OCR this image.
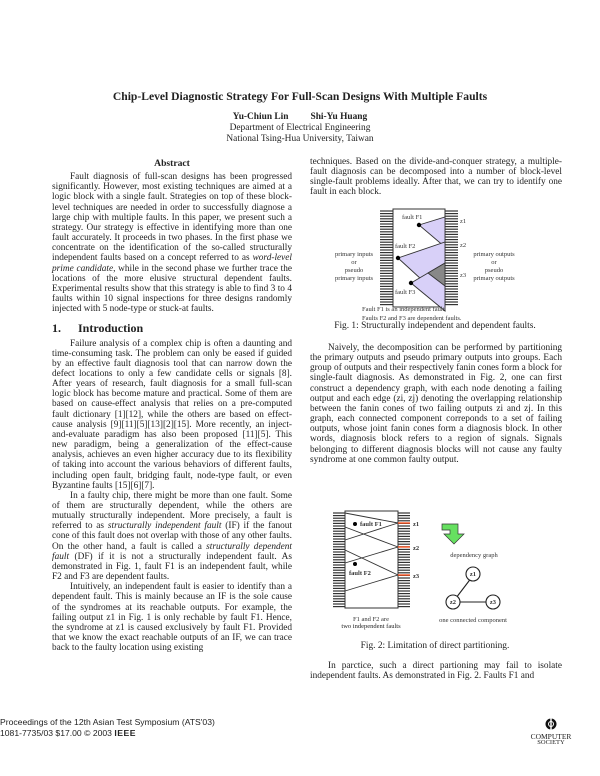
Chip-Level Diagnostic Strategy For Full-Scan Designs With Multiple Faults
Yu-Chiun Lin Shi-Yu Huang
Department of Electrical Engineering
National Tsing-Hua University, Taiwan
Abstract

Fault diagnosis of full-scan designs has been progressed significantly. However, most existing techniques are aimed at a logic block with a single fault. Strategies on top of these block-level techniques are needed in order to successfully diagnose a large chip with multiple faults. In this paper, we present such a strategy. Our strategy is effective in identifying more than one fault accurately. It proceeds in two phases. In the first phase we concentrate on the identification of the so-called structurally independent faults based on a concept referred to as word-level prime candidate, while in the second phase we further trace the locations of the more elusive structural dependent faults. Experimental results show that this strategy is able to find 3 to 4 faults within 10 signal inspections for three designs randomly injected with 5 node-type or stuck-at faults.

1. Introduction

Failure analysis of a complex chip is often a daunting and time-consuming task. The problem can only be eased if guided by an effective fault diagnosis tool that can narrow down the defect locations to only a few candidate cells or signals [8]. After years of research, fault diagnosis for a small full-scan logic block has become mature and practical. Some of them are based on cause-effect analysis that relies on a pre-computed fault dictionary [1][12], while the others are based on effect-cause analysis [9][11][5][13][2][15]. More recently, an inject-and-evaluate paradigm has also been proposed [11][5]. This new paradigm, being a generalization of the effect-cause analysis, achieves an even higher accuracy due to its flexibility of taking into account the various behaviors of different faults, including open fault, bridging fault, node-type fault, or even Byzantine faults [15][6][7].

In a faulty chip, there might be more than one fault. Some of them are structurally dependent, while the others are mutually structurally independent. More precisely, a fault is referred to as structurally independent fault (IF) if the fanout cone of this fault does not overlap with those of any other faults. On the other hand, a fault is called a structurally dependent fault (DF) if it is not a structurally independent fault. As demonstrated in Fig. 1, fault F1 is an independent fault, while F2 and F3 are dependent faults.

Intuitively, an independent fault is easier to identify than a dependent fault. This is mainly because an IF is the sole cause of the syndromes at its reachable outputs. For example, the failing output z1 in Fig. 1 is only rechable by fault F1. Hence, the syndrome at z1 is caused exclusively by fault F1. Provided that we know the exact reachable outputs of an IF, we can trace back to the faulty location using existing

techniques. Based on the divide-and-conquer strategy, a multiple-fault diagnosis can be decomposed into a number of block-level single-fault problems ideally. After that, we can try to identify one fault in each block.

fault F1
fault F2
fault F3
z1
z2
z3
primary inputs
or
pseudo
primary inputs
primary outputs
or
pseudo
primary outputs
Fault F1 is an independent fault.
Faults F2 and F3 are dependent faults.
Fig. 1: Structurally independent and dependent faults.

Naively, the decomposition can be performed by partitioning the primary outputs and pseudo primary outputs into groups. Each group of outputs and their respectively fanin cones form a block for single-fault diagnosis. As demonstrated in Fig. 2, one can first construct a dependency graph, with each node denoting a failing output and each edge (zi, zj) denoting the overlapping relationship between the fanin cones of two failing outputs zi and zj. In this graph, each connected component correponds to a set of failing outputs, whose joint fanin cones form a diagnosis block. In other words, diagnosis block refers to a region of signals. Signals belonging to different diagnosis blocks will not cause any faulty syndrome at one common faulty output.

fault F1
fault F2
z1
z2
z3
dependency graph
z1
z2	z3
F1 and F2 are	one connected component
two independent faults
Fig. 2: Limitation of direct partitioning.

In parctice, such a direct partioning may fail to isolate independent faults. As demonstrated in Fig. 2. Faults F1 and

Proceedings of the 12th Asian Test Symposium (ATS'03)
1081-7735/03 $17.00 © 2003 IEEE	COMPUTER
SOCIETY
